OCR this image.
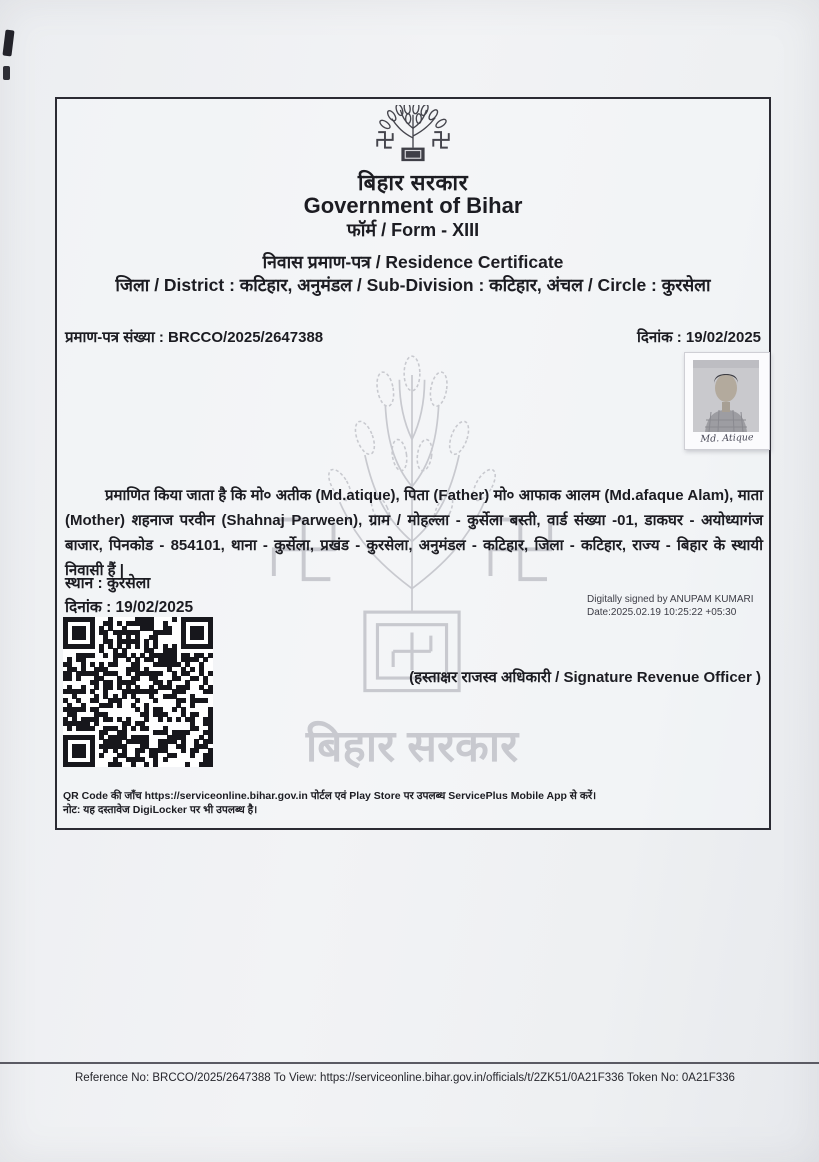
बिहार सरकार
Government of Bihar
फॉर्म / Form - XIII
निवास प्रमाण-पत्र / Residence Certificate
जिला / District : कटिहार, अनुमंडल / Sub-Division : कटिहार, अंचल / Circle : कुरसेला
प्रमाण-पत्र संख्या : BRCCO/2025/2647388	दिनांक : 19/02/2025
बिहार सरकार
Md. Atique
प्रमाणित किया जाता है कि मो० अतीक (Md.atique), पिता (Father) मो० आफाक आलम (Md.afaque Alam), माता (Mother) शहनाज परवीन (Shahnaj Parween), ग्राम / मोहल्ला - कुर्सेला बस्ती, वार्ड संख्या -01, डाकघर - अयोध्यागंज बाजार, पिनकोड - 854101, थाना - कुर्सेला, प्रखंड - कुरसेला, अनुमंडल - कटिहार, जिला - कटिहार, राज्य - बिहार के स्थायी निवासी हैं |
स्थान : कुरसेला
दिनांक : 19/02/2025	Digitally signed by ANUPAM KUMARI
Date:2025.02.19 10:25:22 +05:30
(हस्ताक्षर राजस्व अधिकारी / Signature Revenue Officer )
QR Code की जाँच https://serviceonline.bihar.gov.in पोर्टल एवं Play Store पर उपलब्ध ServicePlus Mobile App से करें।
नोट: यह दस्तावेज DigiLocker पर भी उपलब्ध है।
Reference No: BRCCO/2025/2647388 To View: https://serviceonline.bihar.gov.in/officials/t/2ZK51/0A21F336 Token No: 0A21F336
